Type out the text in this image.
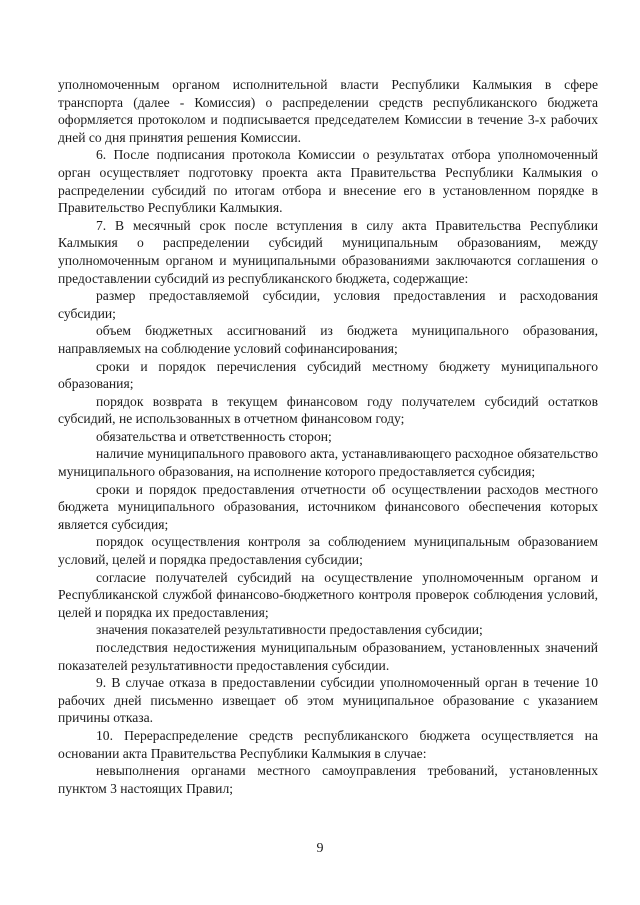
уполномоченным органом исполнительной власти Республики Калмыкия в сфере транспорта (далее - Комиссия) о распределении средств республиканского бюджета оформляется протоколом и подписывается председателем Комиссии в течение 3-х рабочих дней со дня принятия решения Комиссии.

6. После подписания протокола Комиссии о результатах отбора уполномоченный орган осуществляет подготовку проекта акта Правительства Республики Калмыкия о распределении субсидий по итогам отбора и внесение его в установленном порядке в Правительство Республики Калмыкия.

7. В месячный срок после вступления в силу акта Правительства Республики Калмыкия о распределении субсидий муниципальным образованиям, между уполномоченным органом и муниципальными образованиями заключаются соглашения о предоставлении субсидий из республиканского бюджета, содержащие:

размер предоставляемой субсидии, условия предоставления и расходования субсидии;

объем бюджетных ассигнований из бюджета муниципального образования, направляемых на соблюдение условий софинансирования;

сроки и порядок перечисления субсидий местному бюджету муниципального образования;

порядок возврата в текущем финансовом году получателем субсидий остатков субсидий, не использованных в отчетном финансовом году;

обязательства и ответственность сторон;

наличие муниципального правового акта, устанавливающего расходное обязательство муниципального образования, на исполнение которого предоставляется субсидия;

сроки и порядок предоставления отчетности об осуществлении расходов местного бюджета муниципального образования, источником финансового обеспечения которых является субсидия;

порядок осуществления контроля за соблюдением муниципальным образованием условий, целей и порядка предоставления субсидии;

согласие получателей субсидий на осуществление уполномоченным органом и Республиканской службой финансово-бюджетного контроля проверок соблюдения условий, целей и порядка их предоставления;

значения показателей результативности предоставления субсидии;

последствия недостижения муниципальным образованием, установленных значений показателей результативности предоставления субсидии.

9. В случае отказа в предоставлении субсидии уполномоченный орган в течение 10 рабочих дней письменно извещает об этом муниципальное образование с указанием причины отказа.

10. Перераспределение средств республиканского бюджета осуществляется на основании акта Правительства Республики Калмыкия в случае:

невыполнения органами местного самоуправления требований, установленных пунктом 3 настоящих Правил;

9
